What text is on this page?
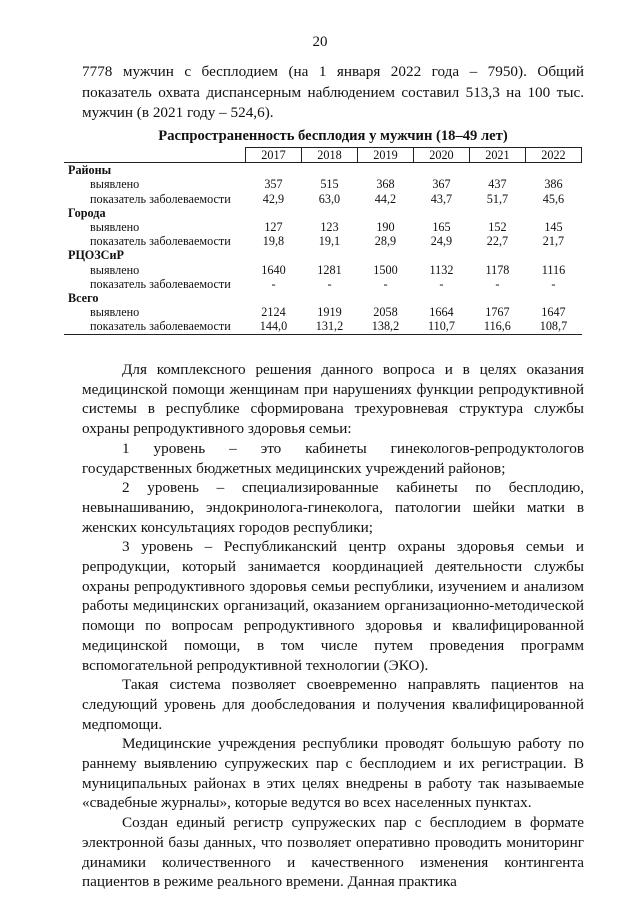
20

7778 мужчин с бесплодием (на 1 января 2022 года – 7950). Общий показатель охвата диспансерным наблюдением составил 513,3 на 100 тыс. мужчин (в 2021 году – 524,6).

Распространенность бесплодия у мужчин (18–49 лет)
	2017	2018	2019	2020	2021	2022
Районы						
выявлено	357	515	368	367	437	386
показатель заболеваемости	42,9	63,0	44,2	43,7	51,7	45,6
Города						
выявлено	127	123	190	165	152	145
показатель заболеваемости	19,8	19,1	28,9	24,9	22,7	21,7
РЦОЗСиР						
выявлено	1640	1281	1500	1132	1178	1116
показатель заболеваемости	-	-	-	-	-	-
Всего						
выявлено	2124	1919	2058	1664	1767	1647
показатель заболеваемости	144,0	131,2	138,2	110,7	116,6	108,7

Для комплексного решения данного вопроса и в целях оказания медицинской помощи женщинам при нарушениях функции репродуктивной системы в республике сформирована трехуровневая структура службы охраны репродуктивного здоровья семьи:

1 уровень – это кабинеты гинекологов-репродуктологов государственных бюджетных медицинских учреждений районов;

2 уровень – специализированные кабинеты по бесплодию, невынашиванию, эндокринолога-гинеколога, патологии шейки матки в женских консультациях городов республики;

3 уровень – Республиканский центр охраны здоровья семьи и репродукции, который занимается координацией деятельности службы охраны репродуктивного здоровья семьи республики, изучением и анализом работы медицинских организаций, оказанием организационно-методической помощи по вопросам репродуктивного здоровья и квалифицированной медицинской помощи, в том числе путем проведения программ вспомогательной репродуктивной технологии (ЭКО).

Такая система позволяет своевременно направлять пациентов на следующий уровень для дообследования и получения квалифицированной медпомощи.

Медицинские учреждения республики проводят большую работу по раннему выявлению супружеских пар с бесплодием и их регистрации. В муниципальных районах в этих целях внедрены в работу так называемые «свадебные журналы», которые ведутся во всех населенных пунктах.

Создан единый регистр супружеских пар с бесплодием в формате электронной базы данных, что позволяет оперативно проводить мониторинг динамики количественного и качественного изменения контингента пациентов в режиме реального времени. Данная практика
